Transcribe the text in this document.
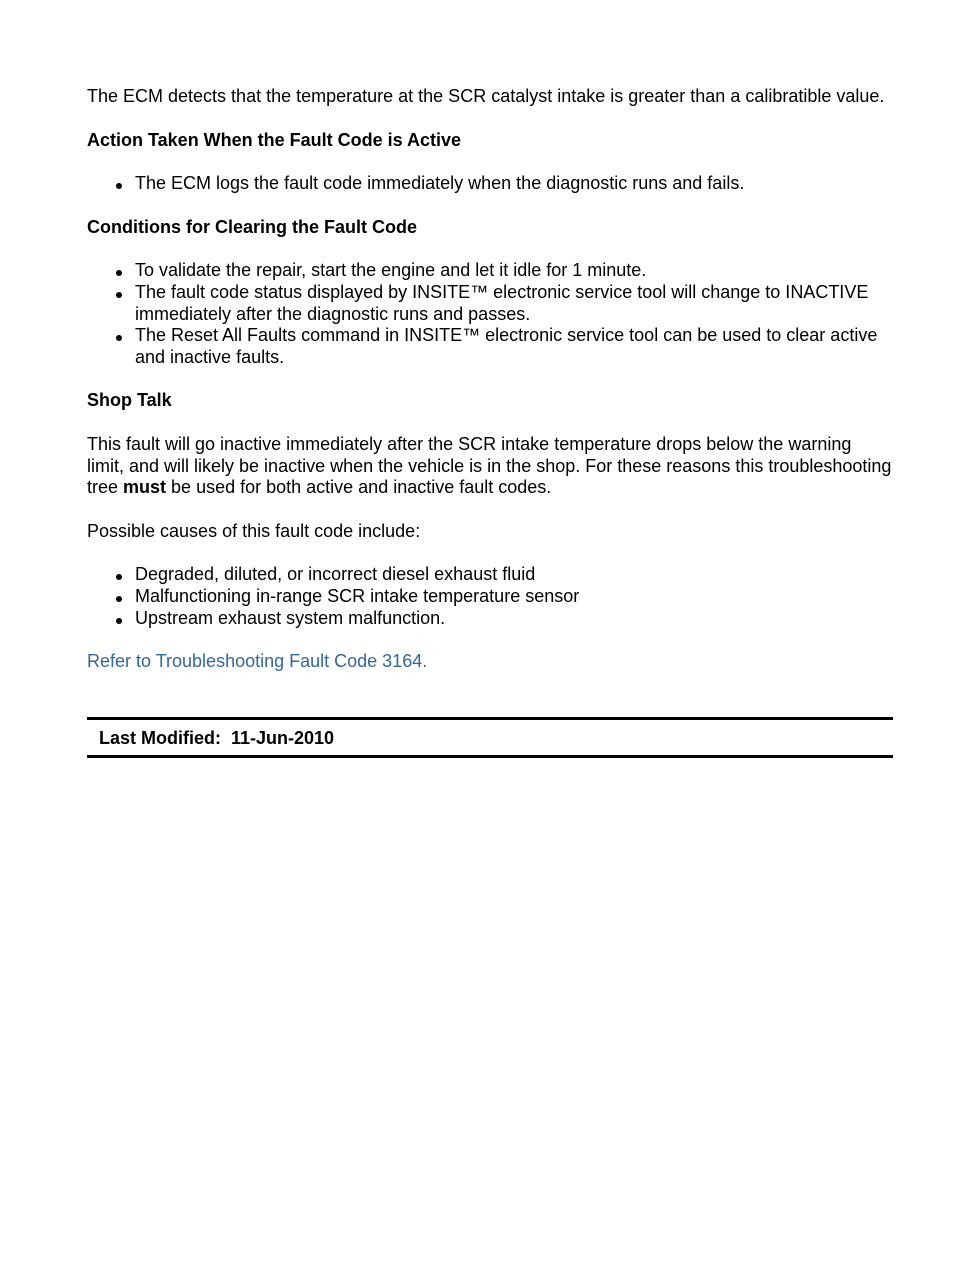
The ECM detects that the temperature at the SCR catalyst intake is greater than a calibratible value.

Action Taken When the Fault Code is Active

The ECM logs the fault code immediately when the diagnostic runs and fails.

Conditions for Clearing the Fault Code

To validate the repair, start the engine and let it idle for 1 minute.
The fault code status displayed by INSITE™ electronic service tool will change to INACTIVE immediately after the diagnostic runs and passes.
The Reset All Faults command in INSITE™ electronic service tool can be used to clear active and inactive faults.

Shop Talk

This fault will go inactive immediately after the SCR intake temperature drops below the warning limit, and will likely be inactive when the vehicle is in the shop. For these reasons this troubleshooting tree must be used for both active and inactive fault codes.

Possible causes of this fault code include:

Degraded, diluted, or incorrect diesel exhaust fluid
Malfunctioning in-range SCR intake temperature sensor
Upstream exhaust system malfunction.
Refer to Troubleshooting Fault Code 3164.
Last Modified:  11-Jun-2010
